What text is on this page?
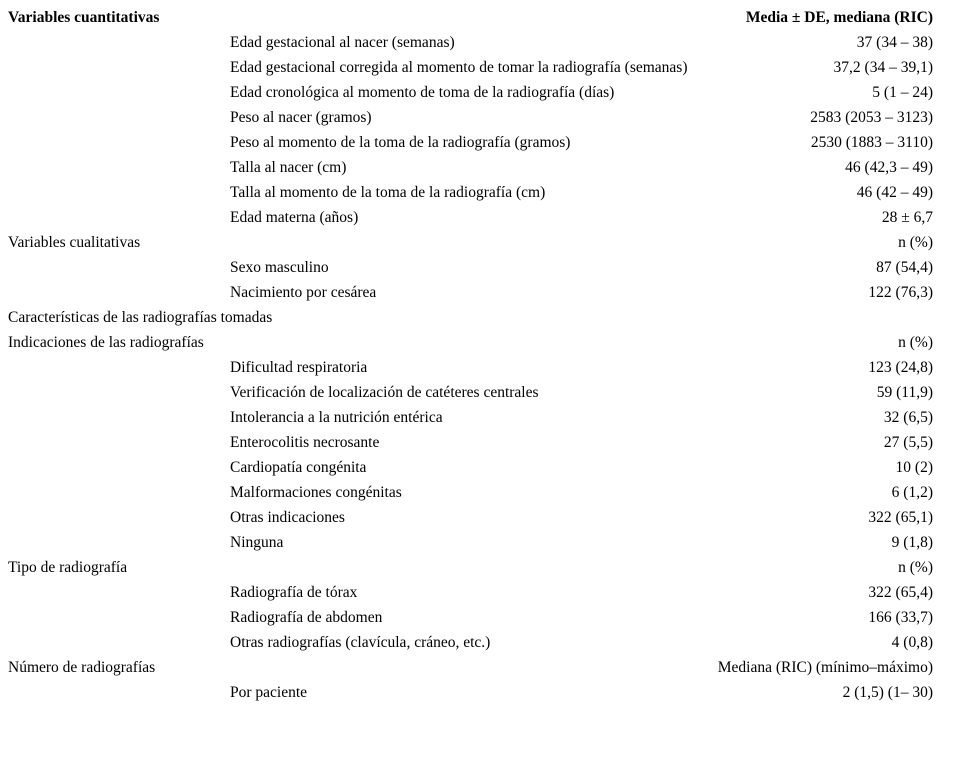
Variables cuantitativas	Media ± DE, mediana (RIC)
Edad gestacional al nacer (semanas)	37 (34 – 38)
Edad gestacional corregida al momento de tomar la radiografía (semanas)	37,2 (34 – 39,1)
Edad cronológica al momento de toma de la radiografía (días)	5 (1 – 24)
Peso al nacer (gramos)	2583 (2053 – 3123)
Peso al momento de la toma de la radiografía (gramos)	2530 (1883 – 3110)
Talla al nacer (cm)	46 (42,3 – 49)
Talla al momento de la toma de la radiografía (cm)	46 (42 – 49)
Edad materna (años)	28 ± 6,7
Variables cualitativas	n (%)
Sexo masculino	87 (54,4)
Nacimiento por cesárea	122 (76,3)
Características de las radiografías tomadas
Indicaciones de las radiografías	n (%)
Dificultad respiratoria	123 (24,8)
Verificación de localización de catéteres centrales	59 (11,9)
Intolerancia a la nutrición entérica	32 (6,5)
Enterocolitis necrosante	27 (5,5)
Cardiopatía congénita	10 (2)
Malformaciones congénitas	6 (1,2)
Otras indicaciones	322 (65,1)
Ninguna	9 (1,8)
Tipo de radiografía	n (%)
Radiografía de tórax	322 (65,4)
Radiografía de abdomen	166 (33,7)
Otras radiografías (clavícula, cráneo, etc.)	4 (0,8)
Número de radiografías	Mediana (RIC) (mínimo–máximo)
Por paciente	2 (1,5) (1– 30)
